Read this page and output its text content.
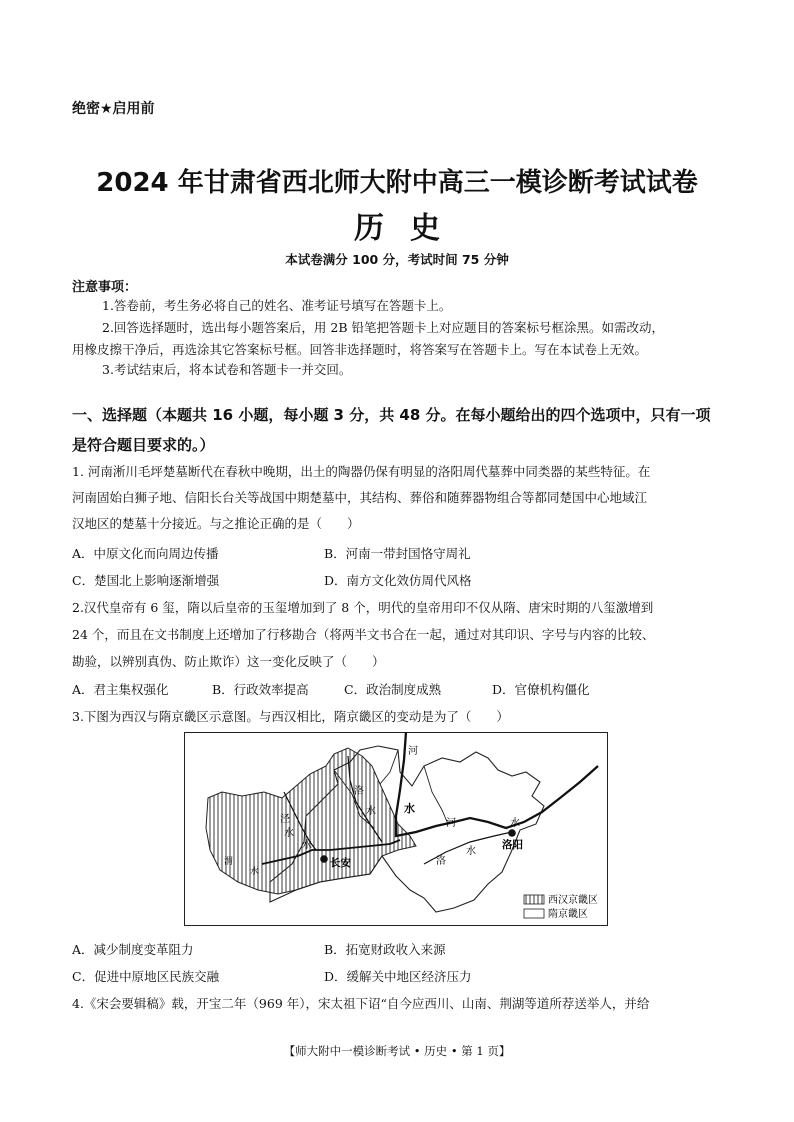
绝密★启用前
2024 年甘肃省西北师大附中高三一模诊断考试试卷
历史
本试卷满分 100 分，考试时间 75 分钟
注意事项：
1.答卷前，考生务必将自己的姓名、准考证号填写在答题卡上。
2.回答选择题时，选出每小题答案后，用 2B 铅笔把答题卡上对应题目的答案标号框涂黑。如需改动，
用橡皮擦干净后，再选涂其它答案标号框。回答非选择题时，将答案写在答题卡上。写在本试卷上无效。
3.考试结束后，将本试卷和答题卡一并交回。
一、选择题（本题共 16 小题，每小题 3 分，共 48 分。在每小题给出的四个选项中，只有一项
是符合题目要求的。）
1. 河南淅川毛坪楚墓断代在春秋中晚期，出土的陶器仍保有明显的洛阳周代墓葬中同类器的某些特征。在
河南固始白狮子地、信阳长台关等战国中期楚墓中，其结构、葬俗和随葬器物组合等都同楚国中心地域江
汉地区的楚墓十分接近。与之推论正确的是（　　）
A．中原文化而向周边传播	B．河南一带封国恪守周礼
C．楚国北上影响逐渐增强	D．南方文化效仿周代风格
2.汉代皇帝有 6 玺，隋以后皇帝的玉玺增加到了 8 个，明代的皇帝用印不仅从隋、唐宋时期的八玺激增到
24 个，而且在文书制度上还增加了行移勘合（将两半文书合在一起，通过对其印识、字号与内容的比较、
勘验，以辨别真伪、防止欺诈）这一变化反映了（　　）
A．君主集权强化	B．行政效率提高	C．政治制度成熟	D．官僚机构僵化
3.下图为西汉与隋京畿区示意图。与西汉相比，隋京畿区的变动是为了（　　）
长安
洛阳
河
洛
水	水
泾
水
水
渭
水
河	水
洛
水
西汉京畿区
隋京畿区
A．减少制度变革阻力	B．拓宽财政收入来源
C．促进中原地区民族交融	D．缓解关中地区经济压力
4.《宋会要辑稿》载，开宝二年（969 年），宋太祖下诏“自今应西川、山南、荆湖等道所荐送举人，并给
【师大附中一模诊断考试 • 历史 • 第 1 页】
